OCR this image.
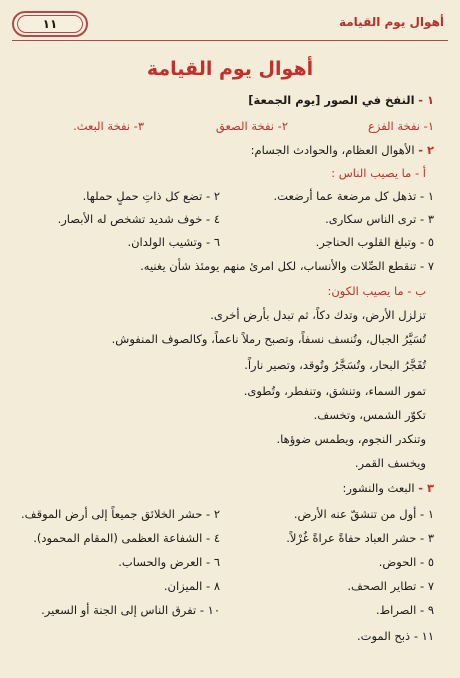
أهوال يوم القيامة
١١
أهوال يوم القيامة
١ - النفخ في الصور [يوم الجمعة]
١- نفخة الفزع
٢- نفخة الصعق
٣- نفخة البعث.
٢ - الأهوال العظام، والحوادث الجسام:
أ - ما يصيب الناس :
١ - تذهل كل مرضعة عما أرضعت.
٢ - تضع كل ذاتِ حملٍ حملها.
٣ - ترى الناس سكارى.
٤ - خوف شديد تشخص له الأبصار.
٥ - وتبلغ القلوب الحناجر.
٦ - وتشيب الولدان.
٧ - تنقطع الصِّلات والأنساب، لكل امرئ منهم يومئذ شأن يغنيه.
ب - ما يصيب الكون:
تزلزل الأرض، وتدك دكاً، ثم تبدل بأرض أخرى.
تُسَيَّرُ الجبال، وتُنسف نسفاً، وتصبح رملاً ناعماً، وكالصوف المنفوش.
تُفَجَّرُ البحار، وتُسَجَّرُ وتُوقد، وتصير ناراً.
تمور السماء، وتنشق، وتنفطر، وتُطوى.
تكوّر الشمس، وتخسف.
وتنكدر النجوم، ويطمس ضوؤها.
ويخسف القمر.
٣ - البعث والنشور:
١ - أول من تنشقّ عنه الأرض.
٢ - حشر الخلائق جميعاً إلى أرض الموقف.
٣ - حشر العباد حفاةً عراةً غُرْلاً.
٤ - الشفاعة العظمى (المقام المحمود).
٥ - الحوض.
٦ - العرض والحساب.
٧ - تطاير الصحف.
٨ - الميزان.
٩ - الصراط.
١٠ - تفرق الناس إلى الجنة أو السعير.
١١ - ذبح الموت.
